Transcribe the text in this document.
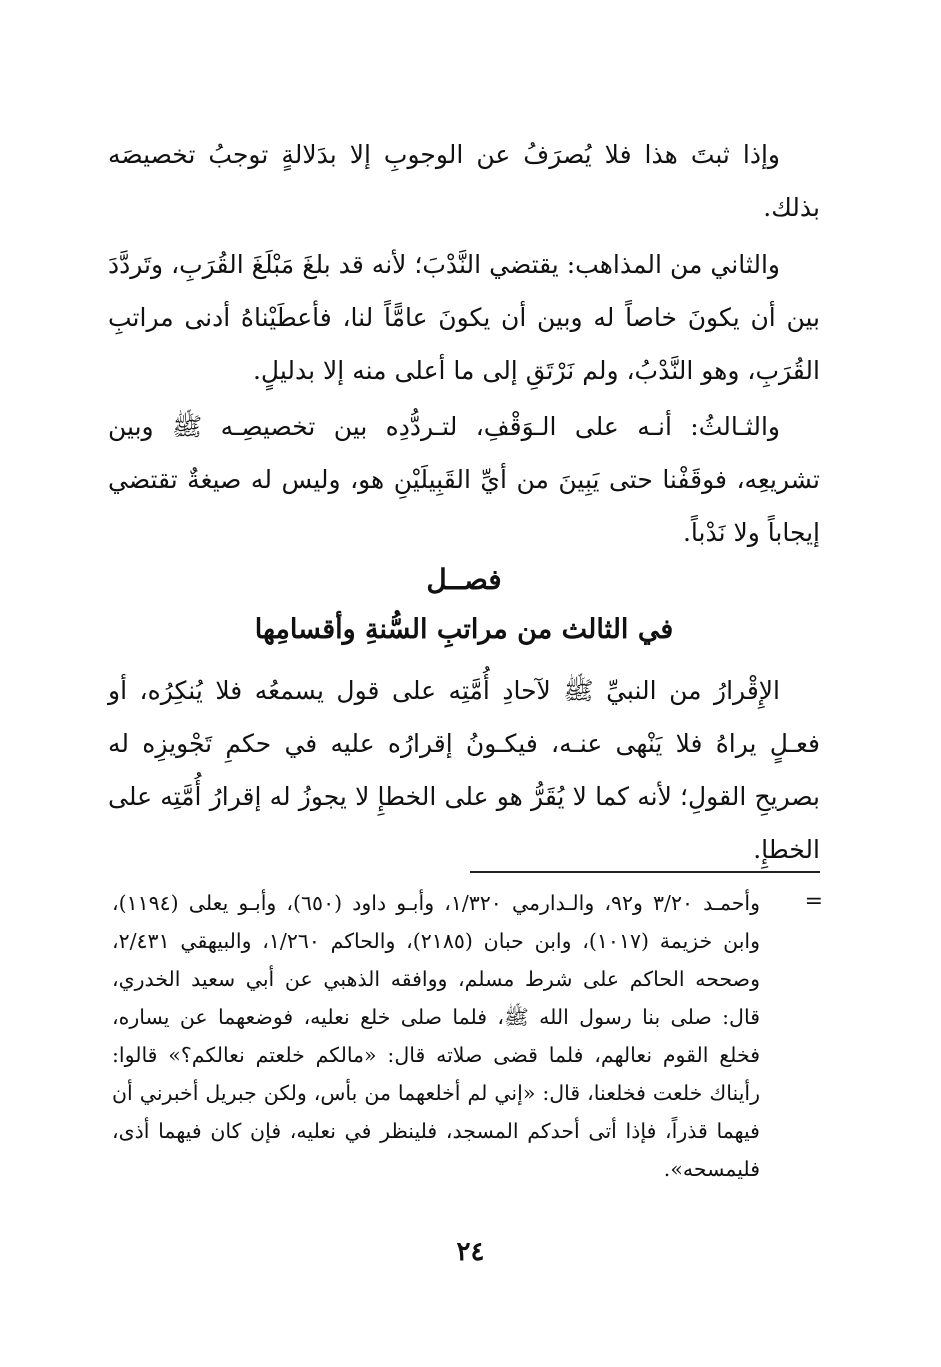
وإذا ثبتَ هذا فلا يُصرَفُ عن الوجوبِ إلا بدَلالةٍ توجبُ تخصيصَه بذلك.

والثاني من المذاهب: يقتضي النَّدْبَ؛ لأنه قد بلغَ مَبْلَغَ القُرَبِ، وتَردَّدَ بين أن يكونَ خاصاً له وبين أن يكونَ عامًّاً لنا، فأعطَيْناهُ أدنى مراتبِ القُرَبِ، وهو النَّدْبُ، ولم نَرْتَقِ إلى ما أعلى منه إلا بدليلٍ.

والثـالثُ: أنـه على الـوَقْفِ، لتـردُّدِه بين تخصيصِـه ﷺ وبين تشريعِه، فوقَفْنا حتى يَبِينَ من أيِّ القَبِيلَيْنِ هو، وليس له صيغةٌ تقتضي إيجاباً ولا نَدْباً.

فصــل
في الثالث من مراتبِ السُّنةِ وأقسامِها

الإِقْرارُ من النبيِّ ﷺ لآحادِ أُمَّتِه على قول يسمعُه فلا يُنكِرُه، أو فعـلٍ يراهُ فلا يَنْهى عنـه، فيكـونُ إقرارُه عليه في حكمِ تَجْويزِه له بصريحِ القولِ؛ لأنه كما لا يُقَرُّ هو على الخطإِ لا يجوزُ له إقرارُ أُمَّتِه على الخطإِ.

=

وأحمـد ٣/٢٠ و٩٢، والـدارمي ١/٣٢٠، وأبـو داود (٦٥٠)، وأبـو يعلى (١١٩٤)، وابن خزيمة (١٠١٧)، وابن حبان (٢١٨٥)، والحاكم ١/٢٦٠، والبيهقي ٢/٤٣١، وصححه الحاكم على شرط مسلم، ووافقه الذهبي عن أبي سعيد الخدري، قال: صلى بنا رسول الله ﷺ، فلما صلى خلع نعليه، فوضعهما عن يساره، فخلع القوم نعالهم، فلما قضى صلاته قال: «مالكم خلعتم نعالكم؟» قالوا: رأيناك خلعت فخلعنا، قال: «إني لم أخلعهما من بأس، ولكن جبريل أخبرني أن فيهما قذراً، فإذا أتى أحدكم المسجد، فلينظر في نعليه، فإن كان فيهما أذى، فليمسحه».

٢٤
